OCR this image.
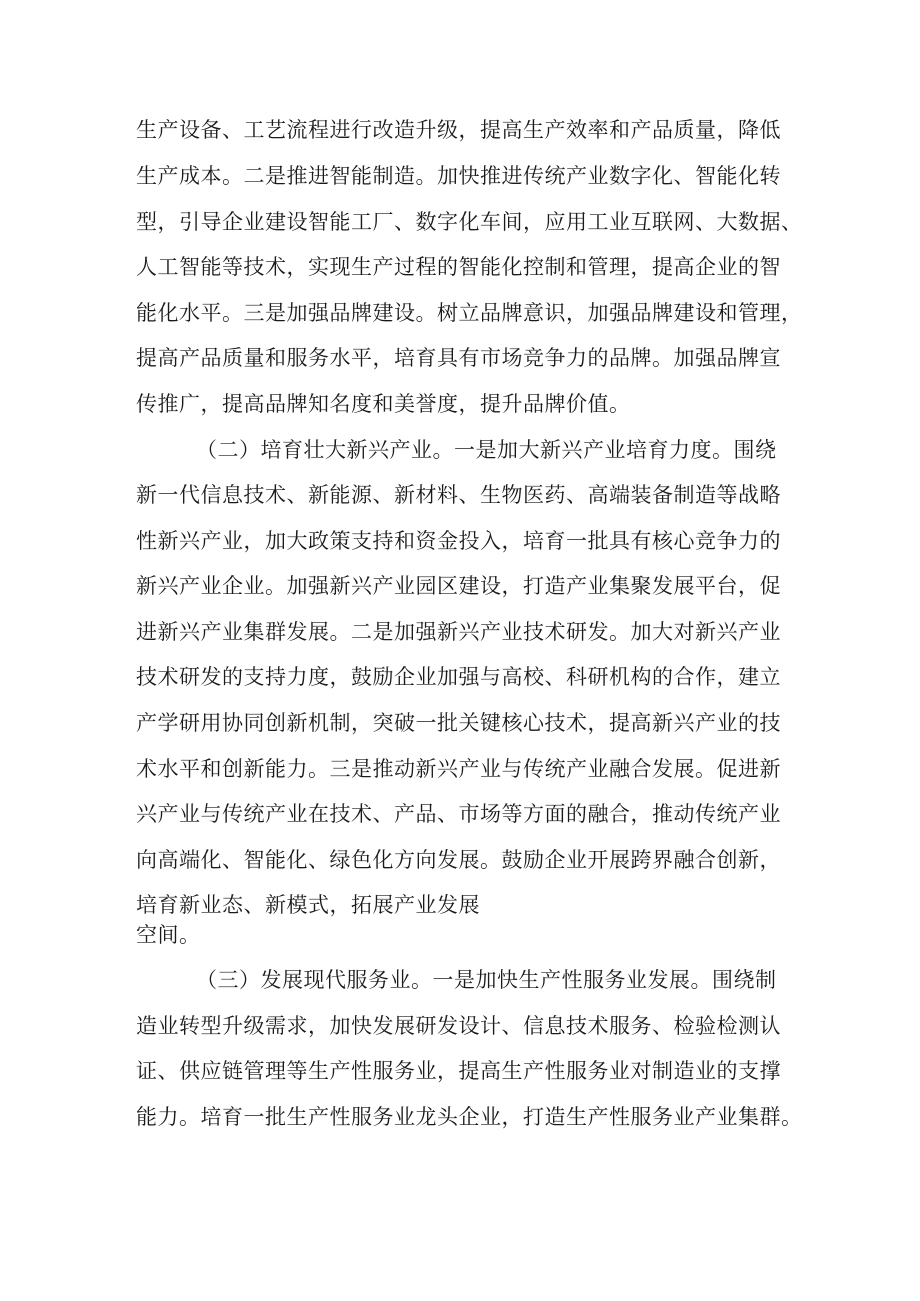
生产设备、工艺流程进行改造升级，提高生产效率和产品质量，降低
生产成本。二是推进智能制造。加快推进传统产业数字化、智能化转
型，引导企业建设智能工厂、数字化车间，应用工业互联网、大数据、
人工智能等技术，实现生产过程的智能化控制和管理，提高企业的智
能化水平。三是加强品牌建设。树立品牌意识，加强品牌建设和管理，
提高产品质量和服务水平，培育具有市场竞争力的品牌。加强品牌宣
传推广，提高品牌知名度和美誉度，提升品牌价值。
（二）培育壮大新兴产业。一是加大新兴产业培育力度。围绕
新一代信息技术、新能源、新材料、生物医药、高端装备制造等战略
性新兴产业，加大政策支持和资金投入，培育一批具有核心竞争力的
新兴产业企业。加强新兴产业园区建设，打造产业集聚发展平台，促
进新兴产业集群发展。二是加强新兴产业技术研发。加大对新兴产业
技术研发的支持力度，鼓励企业加强与高校、科研机构的合作，建立
产学研用协同创新机制，突破一批关键核心技术，提高新兴产业的技
术水平和创新能力。三是推动新兴产业与传统产业融合发展。促进新
兴产业与传统产业在技术、产品、市场等方面的融合，推动传统产业
向高端化、智能化、绿色化方向发展。鼓励企业开展跨界融合创新，
培育新业态、新模式，拓展产业发展
空间。
（三）发展现代服务业。一是加快生产性服务业发展。围绕制
造业转型升级需求，加快发展研发设计、信息技术服务、检验检测认
证、供应链管理等生产性服务业，提高生产性服务业对制造业的支撑
能力。培育一批生产性服务业龙头企业，打造生产性服务业产业集群。
